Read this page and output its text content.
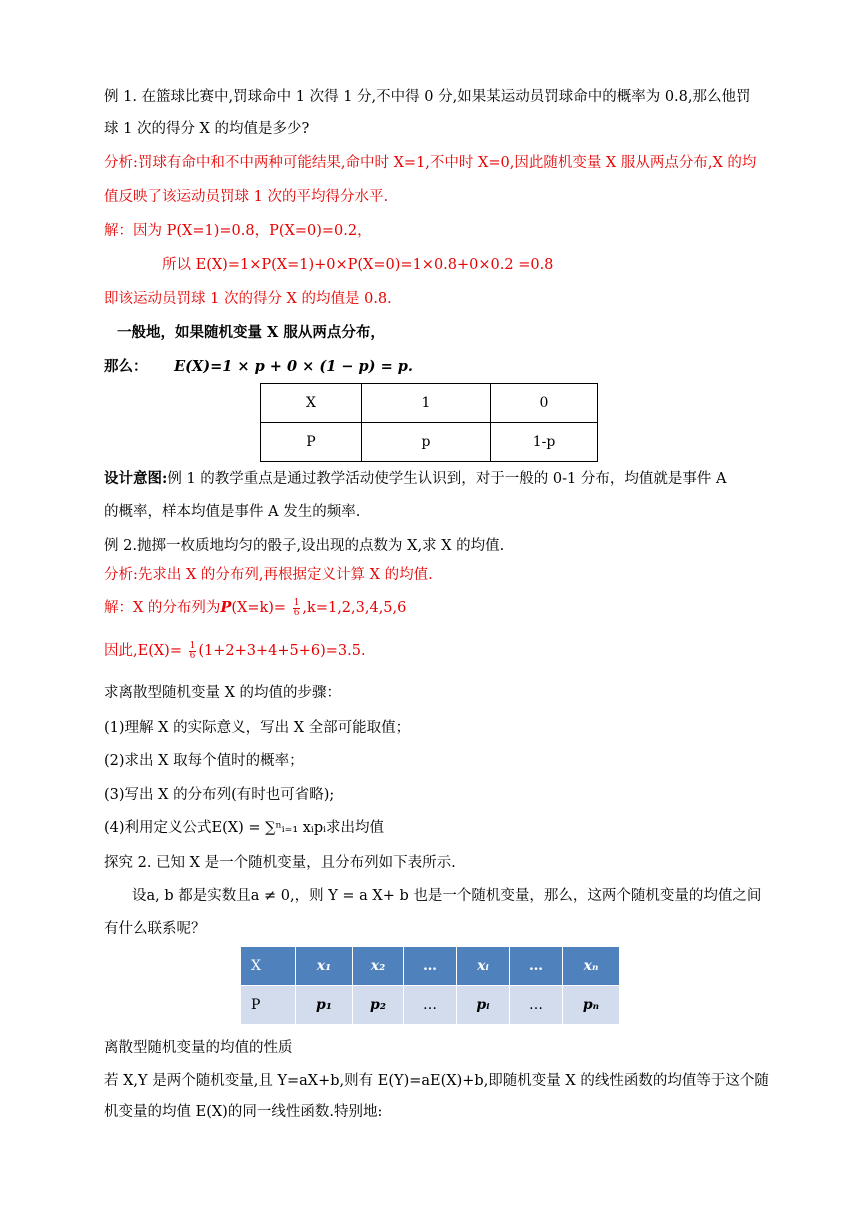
例 1. 在篮球比赛中,罚球命中 1 次得 1 分,不中得 0 分,如果某运动员罚球命中的概率为 0.8,那么他罚
球 1 次的得分 X 的均值是多少?
分析:罚球有命中和不中两种可能结果,命中时 X=1,不中时 X=0,因此随机变量 X 服从两点分布,X 的均
值反映了该运动员罚球 1 次的平均得分水平.
解：因为 P(X=1)=0.8，P(X=0)=0.2，
所以 E(X)=1×P(X=1)+0×P(X=0)=1×0.8+0×0.2 =0.8
即该运动员罚球 1 次的得分 X 的均值是 0.8.
一般地，如果随机变量 X 服从两点分布，
那么： E(X)=1 × p + 0 × (1 − p) = p.
X	1	0
P	p	1-p
设计意图:例 1 的教学重点是通过教学活动使学生认识到，对于一般的 0-1 分布，均值就是事件 A
的概率，样本均值是事件 A 发生的频率.
例 2.抛掷一枚质地均匀的骰子,设出现的点数为 X,求 X 的均值.
分析:先求出 X 的分布列,再根据定义计算 X 的均值.
解：X 的分布列为$P(X=k)= \frac{1}{6} ,k=1,2,3,4,5,6$
因此$,E(X)= \frac{1}{6} (1+2+3+4+5+6)=3.5$.
求离散型随机变量 X 的均值的步骤：
(1)理解 X 的实际意义，写出 X 全部可能取值；
(2)求出 X 取每个值时的概率；
(3)写出 X 的分布列(有时也可省略);
(4)利用定义公式E(X) = ∑ⁿᵢ₌₁ xᵢpᵢ求出均值
探究 2. 已知 X 是一个随机变量，且分布列如下表所示.
设a, b 都是实数且a ≠ 0,，则 Y = a X+ b 也是一个随机变量，那么，这两个随机变量的均值之间
有什么联系呢？
X	x₁	x₂	…	xᵢ	…	xₙ
P	p₁	p₂	…	pᵢ	…	pₙ
离散型随机变量的均值的性质
若 X,Y 是两个随机变量,且 Y=aX+b,则有 E(Y)=aE(X)+b,即随机变量 X 的线性函数的均值等于这个随
机变量的均值 E(X)的同一线性函数.特别地:
